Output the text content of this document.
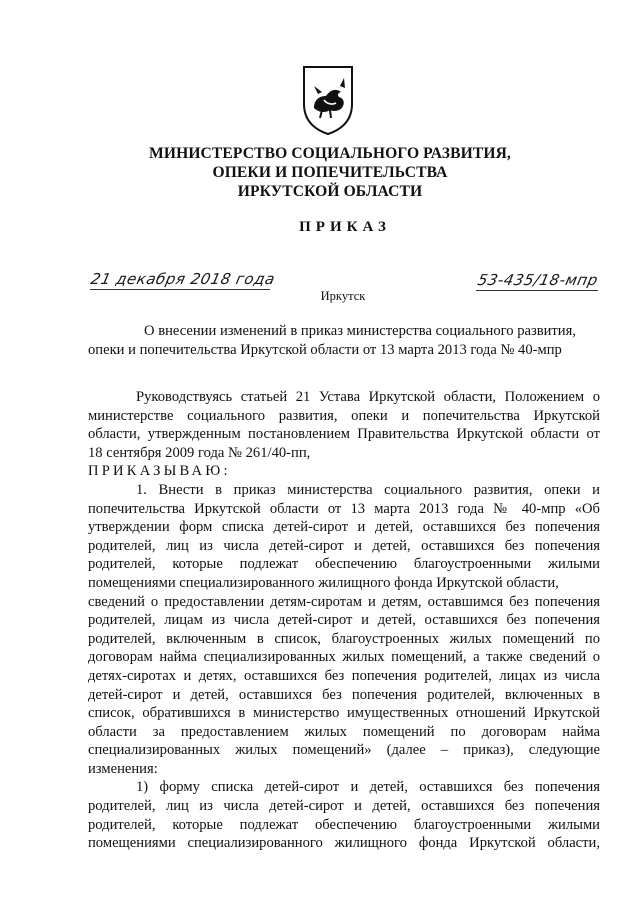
МИНИСТЕРСТВО СОЦИАЛЬНОГО РАЗВИТИЯ,
ОПЕКИ И ПОПЕЧИТЕЛЬСТВА
ИРКУТСКОЙ ОБЛАСТИ
ПРИКАЗ
21 декабря 2018 года	53-435/18-мпр
Иркутск
О внесении изменений в приказ министерства социального развития,
опеки и попечительства Иркутской области от 13 марта 2013 года № 40-мпр
Руководствуясь статьей 21 Устава Иркутской области, Положением о
министерстве социального развития, опеки и попечительства Иркутской
области, утвержденным постановлением Правительства Иркутской области от
18 сентября 2009 года № 261/40-пп,
ПРИКАЗЫВАЮ:
1. Внести в приказ министерства социального развития, опеки и
попечительства Иркутской области от 13 марта 2013 года № 40-мпр «Об
утверждении форм списка детей-сирот и детей, оставшихся без попечения
родителей, лиц из числа детей-сирот и детей, оставшихся без попечения
родителей, которые подлежат обеспечению благоустроенными жилыми
помещениями специализированного жилищного фонда Иркутской области,
сведений о предоставлении детям-сиротам и детям, оставшимся без попечения
родителей, лицам из числа детей-сирот и детей, оставшихся без попечения
родителей, включенным в список, благоустроенных жилых помещений по
договорам найма специализированных жилых помещений, а также сведений о
детях-сиротах и детях, оставшихся без попечения родителей, лицах из числа
детей-сирот и детей, оставшихся без попечения родителей, включенных в
список, обратившихся в министерство имущественных отношений Иркутской
области за предоставлением жилых помещений по договорам найма
специализированных жилых помещений» (далее – приказ), следующие
изменения:
1) форму списка детей-сирот и детей, оставшихся без попечения
родителей, лиц из числа детей-сирот и детей, оставшихся без попечения
родителей, которые подлежат обеспечению благоустроенными жилыми
помещениями специализированного жилищного фонда Иркутской области,
